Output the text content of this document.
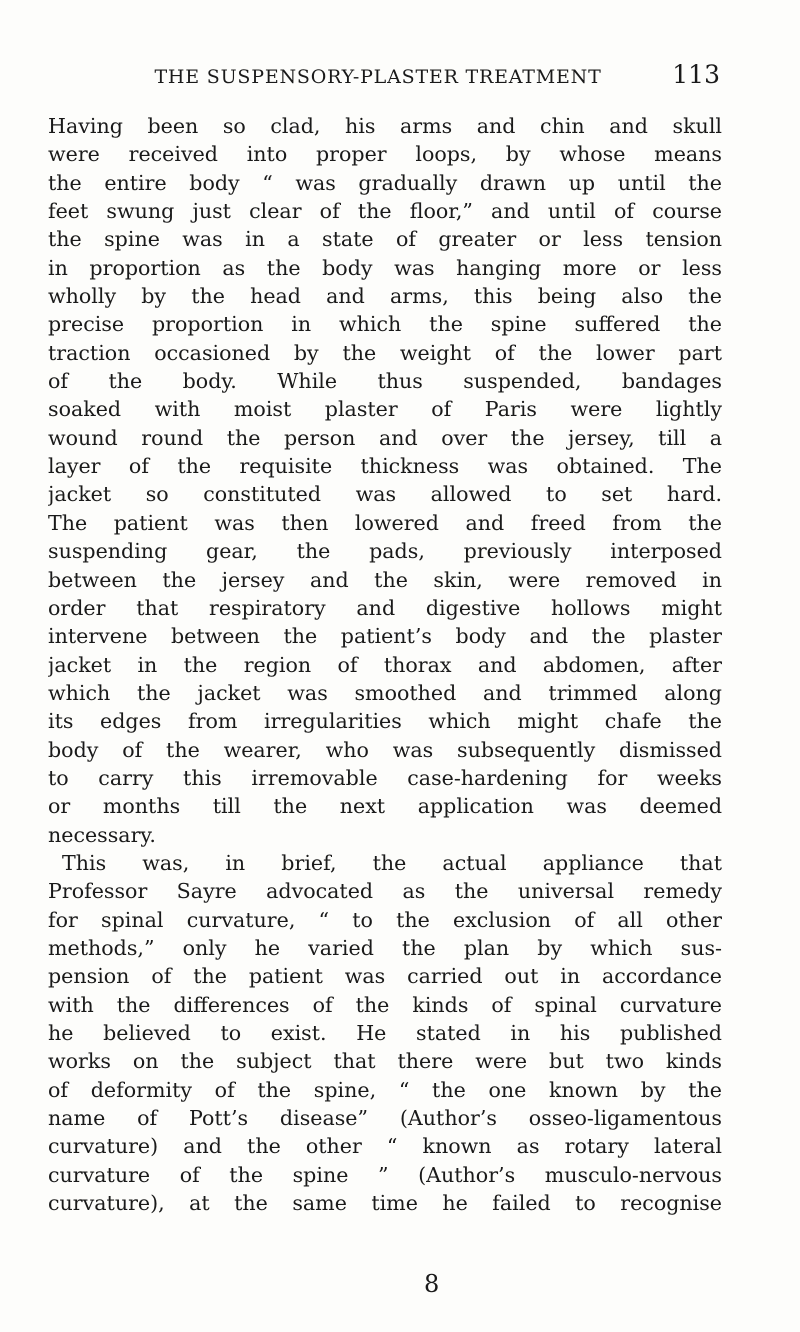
THE SUSPENSORY-PLASTER TREATMENT	113
Having been so clad, his arms and chin and skull
were received into proper loops, by whose means
the entire body “ was gradually drawn up until the
feet swung just clear of the floor,” and until of course
the spine was in a state of greater or less tension
in proportion as the body was hanging more or less
wholly by the head and arms, this being also the
precise proportion in which the spine suffered the
traction occasioned by the weight of the lower part
of the body. While thus suspended, bandages
soaked with moist plaster of Paris were lightly
wound round the person and over the jersey, till a
layer of the requisite thickness was obtained. The
jacket so constituted was allowed to set hard.
The patient was then lowered and freed from the
suspending gear, the pads, previously interposed
between the jersey and the skin, were removed in
order that respiratory and digestive hollows might
intervene between the patient’s body and the plaster
jacket in the region of thorax and abdomen, after
which the jacket was smoothed and trimmed along
its edges from irregularities which might chafe the
body of the wearer, who was subsequently dismissed
to carry this irremovable case-hardening for weeks
or months till the next application was deemed
necessary.
This was, in brief, the actual appliance that
Professor Sayre advocated as the universal remedy
for spinal curvature, “ to the exclusion of all other
methods,” only he varied the plan by which sus-
pension of the patient was carried out in accordance
with the differences of the kinds of spinal curvature
he believed to exist. He stated in his published
works on the subject that there were but two kinds
of deformity of the spine, “ the one known by the
name of Pott’s disease” (Author’s osseo-ligamentous
curvature) and the other “ known as rotary lateral
curvature of the spine ” (Author’s musculo-nervous
curvature), at the same time he failed to recognise
8
